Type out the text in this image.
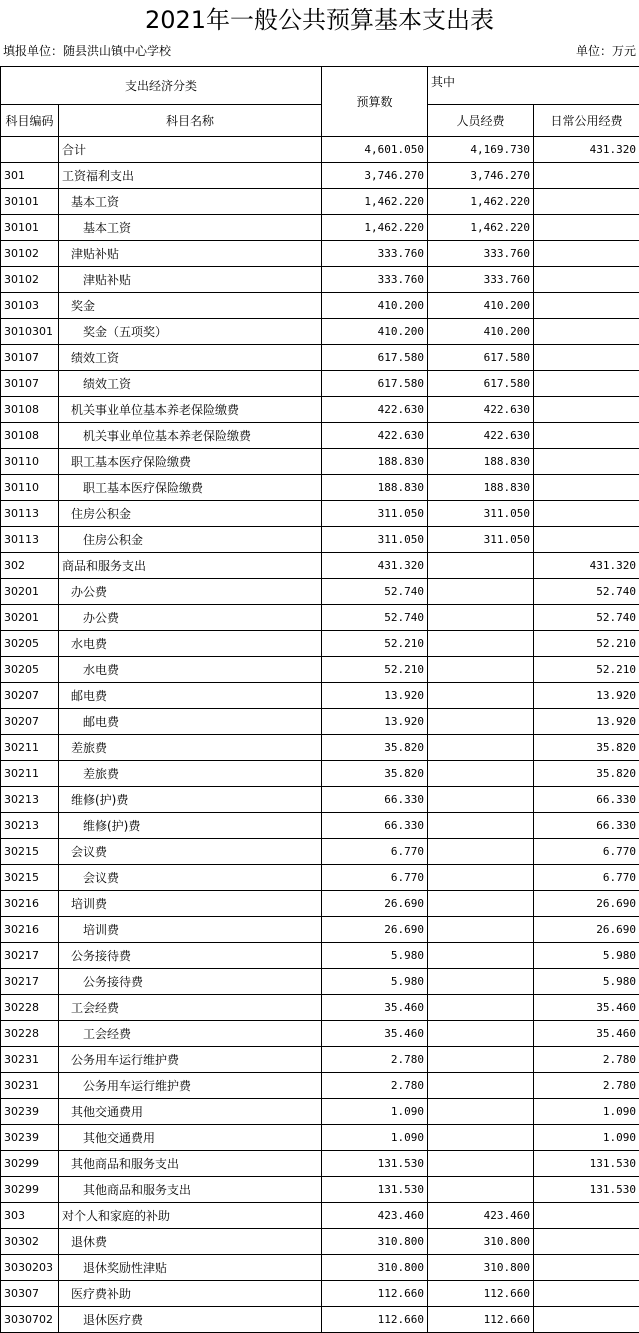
2021年一般公共预算基本支出表
填报单位：随县洪山镇中心学校	单位：万元
支出经济分类		预算数	其中	
科目编码	科目名称		人员经费	日常公用经费
	合计	4,601.050	4,169.730	431.320
301	工资福利支出	3,746.270	3,746.270	
30101	基本工资	1,462.220	1,462.220	
30101	基本工资	1,462.220	1,462.220	
30102	津贴补贴	333.760	333.760	
30102	津贴补贴	333.760	333.760	
30103	奖金	410.200	410.200	
3010301	奖金（五项奖）	410.200	410.200	
30107	绩效工资	617.580	617.580	
30107	绩效工资	617.580	617.580	
30108	机关事业单位基本养老保险缴费	422.630	422.630	
30108	机关事业单位基本养老保险缴费	422.630	422.630	
30110	职工基本医疗保险缴费	188.830	188.830	
30110	职工基本医疗保险缴费	188.830	188.830	
30113	住房公积金	311.050	311.050	
30113	住房公积金	311.050	311.050	
302	商品和服务支出	431.320		431.320
30201	办公费	52.740		52.740
30201	办公费	52.740		52.740
30205	水电费	52.210		52.210
30205	水电费	52.210		52.210
30207	邮电费	13.920		13.920
30207	邮电费	13.920		13.920
30211	差旅费	35.820		35.820
30211	差旅费	35.820		35.820
30213	维修(护)费	66.330		66.330
30213	维修(护)费	66.330		66.330
30215	会议费	6.770		6.770
30215	会议费	6.770		6.770
30216	培训费	26.690		26.690
30216	培训费	26.690		26.690
30217	公务接待费	5.980		5.980
30217	公务接待费	5.980		5.980
30228	工会经费	35.460		35.460
30228	工会经费	35.460		35.460
30231	公务用车运行维护费	2.780		2.780
30231	公务用车运行维护费	2.780		2.780
30239	其他交通费用	1.090		1.090
30239	其他交通费用	1.090		1.090
30299	其他商品和服务支出	131.530		131.530
30299	其他商品和服务支出	131.530		131.530
303	对个人和家庭的补助	423.460	423.460	
30302	退休费	310.800	310.800	
3030203	退休奖励性津贴	310.800	310.800	
30307	医疗费补助	112.660	112.660	
3030702	退休医疗费	112.660	112.660	
